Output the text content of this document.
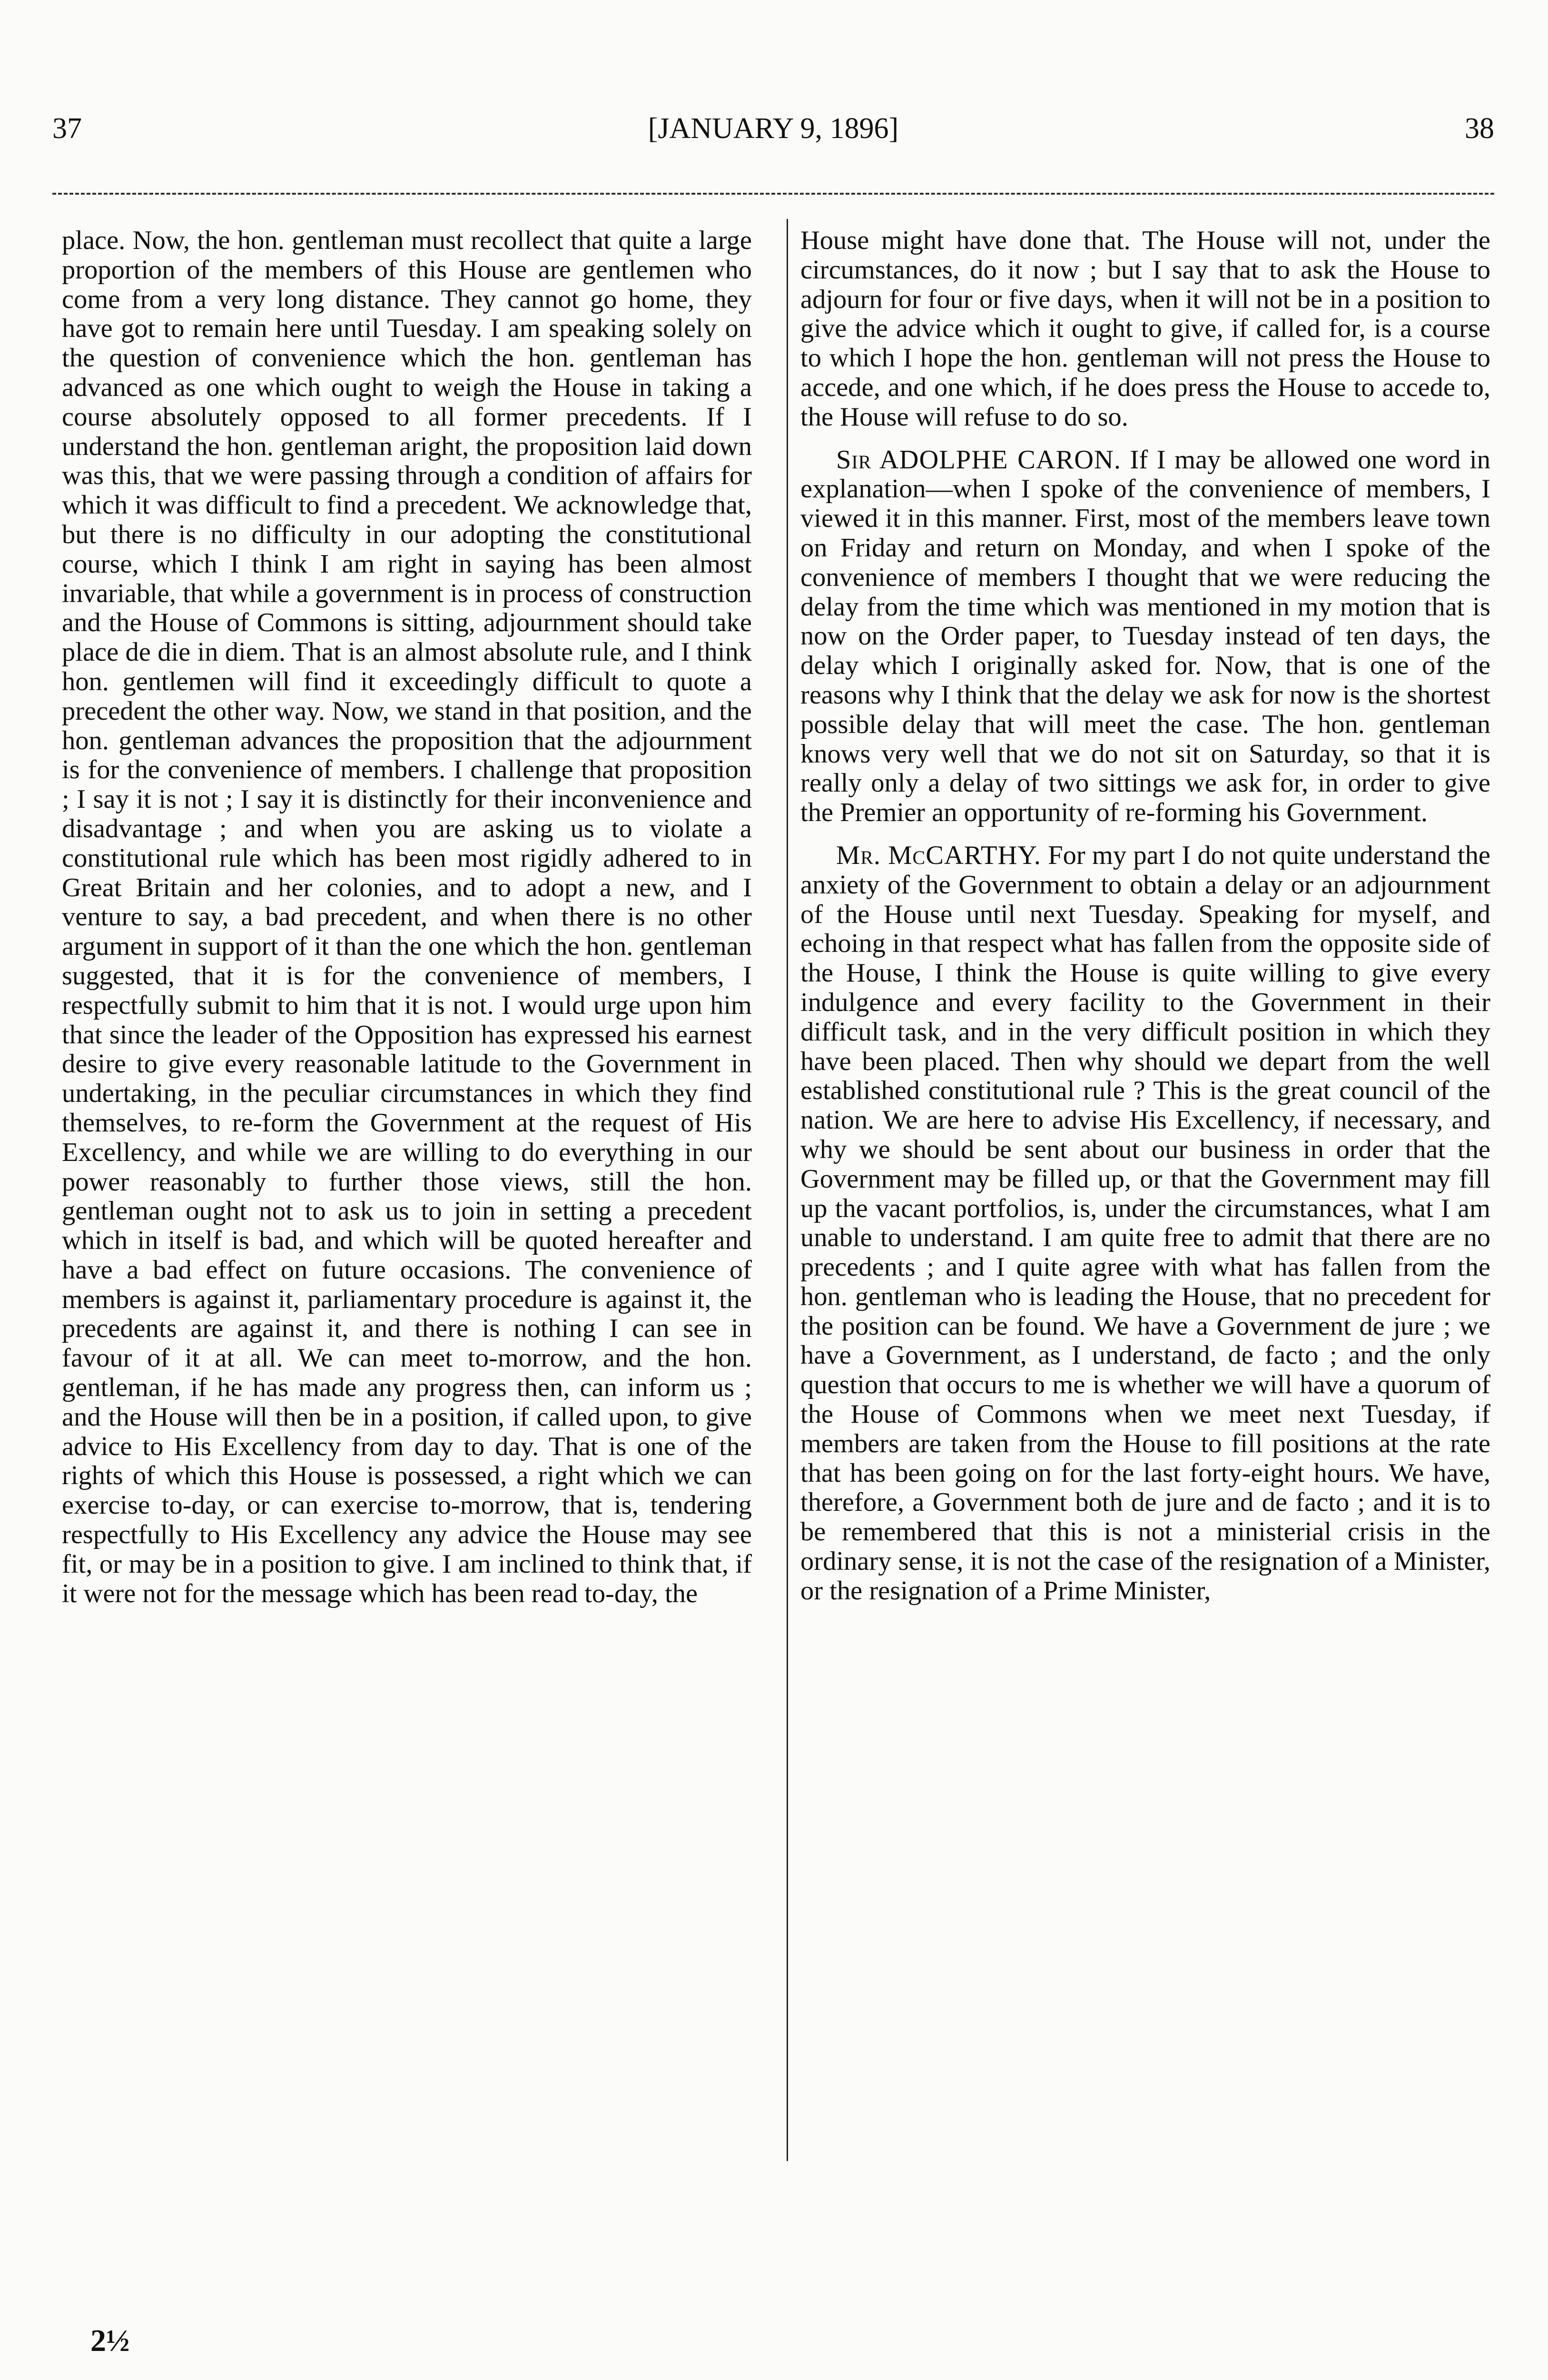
37	[JANUARY 9, 1896]	38

place. Now, the hon. gentleman must recollect that quite a large proportion of the members of this House are gentlemen who come from a very long distance. They cannot go home, they have got to remain here until Tuesday. I am speaking solely on the question of convenience which the hon. gentleman has advanced as one which ought to weigh the House in taking a course absolutely opposed to all former precedents. If I understand the hon. gentleman aright, the proposition laid down was this, that we were passing through a condition of affairs for which it was difficult to find a precedent. We acknowledge that, but there is no difficulty in our adopting the constitutional course, which I think I am right in saying has been almost invariable, that while a government is in process of construction and the House of Commons is sitting, adjournment should take place de die in diem. That is an almost absolute rule, and I think hon. gentlemen will find it exceedingly difficult to quote a precedent the other way. Now, we stand in that position, and the hon. gentleman advances the proposition that the adjournment is for the convenience of members. I challenge that proposition ; I say it is not ; I say it is distinctly for their inconvenience and disadvantage ; and when you are asking us to violate a constitutional rule which has been most rigidly adhered to in Great Britain and her colonies, and to adopt a new, and I venture to say, a bad precedent, and when there is no other argument in support of it than the one which the hon. gentleman suggested, that it is for the convenience of members, I respectfully submit to him that it is not. I would urge upon him that since the leader of the Opposition has expressed his earnest desire to give every reasonable latitude to the Government in undertaking, in the peculiar circumstances in which they find themselves, to re-form the Government at the request of His Excellency, and while we are willing to do everything in our power reasonably to further those views, still the hon. gentleman ought not to ask us to join in setting a precedent which in itself is bad, and which will be quoted hereafter and have a bad effect on future occasions. The convenience of members is against it, parliamentary procedure is against it, the precedents are against it, and there is nothing I can see in favour of it at all. We can meet to-morrow, and the hon. gentleman, if he has made any progress then, can inform us ; and the House will then be in a position, if called upon, to give advice to His Excellency from day to day. That is one of the rights of which this House is possessed, a right which we can exercise to-day, or can exercise to-morrow, that is, tendering respectfully to His Excellency any advice the House may see fit, or may be in a position to give. I am inclined to think that, if it were not for the message which has been read to-day, the

House might have done that. The House will not, under the circumstances, do it now ; but I say that to ask the House to adjourn for four or five days, when it will not be in a position to give the advice which it ought to give, if called for, is a course to which I hope the hon. gentleman will not press the House to accede, and one which, if he does press the House to accede to, the House will refuse to do so.

Sir ADOLPHE CARON. If I may be allowed one word in explanation—when I spoke of the convenience of members, I viewed it in this manner. First, most of the members leave town on Friday and return on Monday, and when I spoke of the convenience of members I thought that we were reducing the delay from the time which was mentioned in my motion that is now on the Order paper, to Tuesday instead of ten days, the delay which I originally asked for. Now, that is one of the reasons why I think that the delay we ask for now is the shortest possible delay that will meet the case. The hon. gentleman knows very well that we do not sit on Saturday, so that it is really only a delay of two sittings we ask for, in order to give the Premier an opportunity of re-forming his Government.

Mr. McCARTHY. For my part I do not quite understand the anxiety of the Government to obtain a delay or an adjournment of the House until next Tuesday. Speaking for myself, and echoing in that respect what has fallen from the opposite side of the House, I think the House is quite willing to give every indulgence and every facility to the Government in their difficult task, and in the very difficult position in which they have been placed. Then why should we depart from the well established constitutional rule ? This is the great council of the nation. We are here to advise His Excellency, if necessary, and why we should be sent about our business in order that the Government may be filled up, or that the Government may fill up the vacant portfolios, is, under the circumstances, what I am unable to understand. I am quite free to admit that there are no precedents ; and I quite agree with what has fallen from the hon. gentleman who is leading the House, that no precedent for the position can be found. We have a Government de jure ; we have a Government, as I understand, de facto ; and the only question that occurs to me is whether we will have a quorum of the House of Commons when we meet next Tuesday, if members are taken from the House to fill positions at the rate that has been going on for the last forty-eight hours. We have, therefore, a Government both de jure and de facto ; and it is to be remembered that this is not a ministerial crisis in the ordinary sense, it is not the case of the resignation of a Minister, or the resignation of a Prime Minister,

2½
